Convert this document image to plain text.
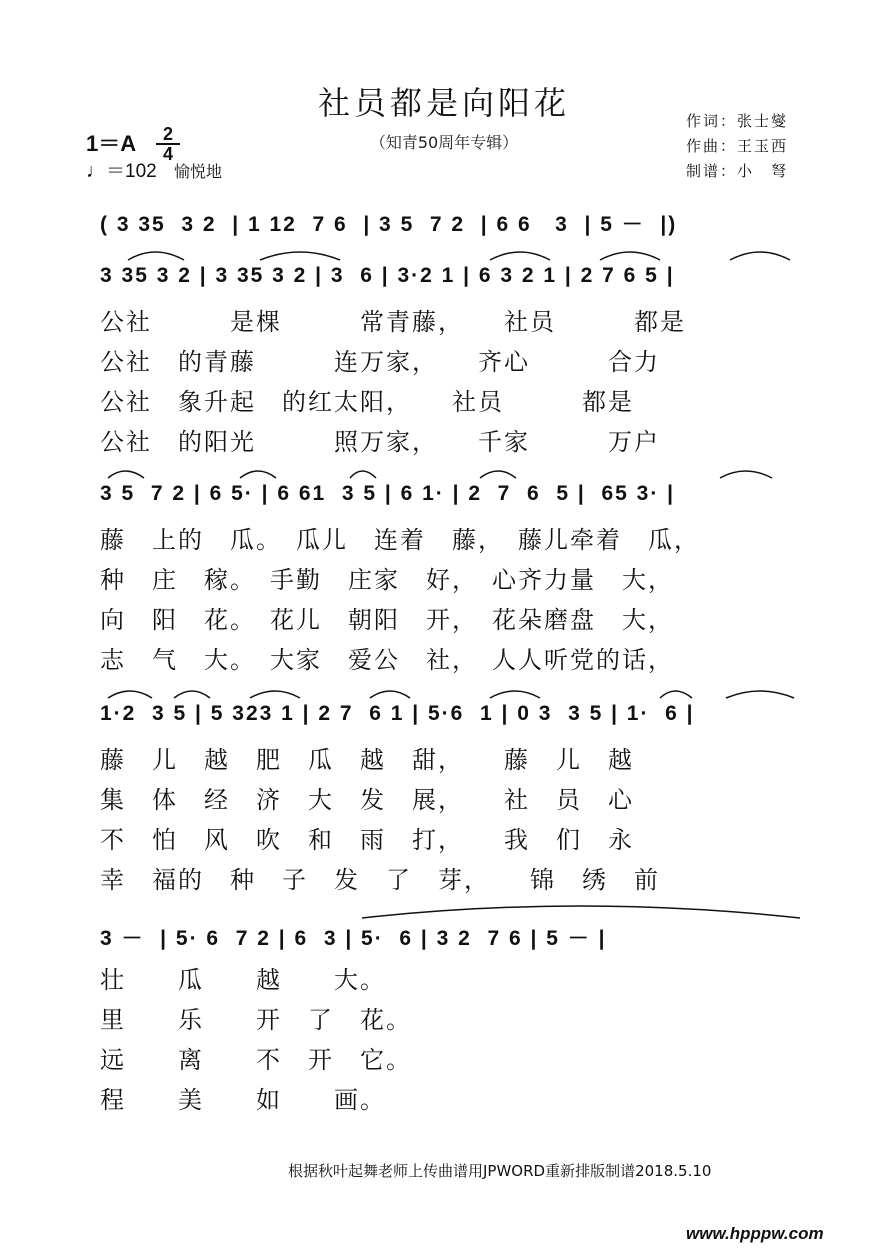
社员都是向阳花
（知青50周年专辑）
作词：张士燮
作曲：王玉西
制谱：小　弩
1＝A	2
4
♩＝102 愉悦地
( 3 35  3 2  | 1 12  7 6  | 3 5  7 2  | 6 6   3  | 5 －  |)
3 35 3 2 | 3 35 3 2 | 3  6 | 3·2 1 | 6 3 2 1 | 2 7 6 5 |
公社　　　是棵　　　常青藤，　　社员　　　都是
公社　的青藤　　　连万家，　　齐心　　　合力
公社　象升起　的红太阳，　　社员　　　都是
公社　的阳光　　　照万家，　　千家　　　万户
3 5  7 2 | 6 5· | 6 61  3 5 | 6 1· | 2  7  6  5 |  65 3· |
藤　上的　瓜。　瓜儿　连着　藤，　藤儿牵着　瓜，
种　庄　稼。　手勤　庄家　好，　心齐力量　大，
向　阳　花。　花儿　朝阳　开，　花朵磨盘　大，
志　气　大。　大家　爱公　社，　人人听党的话，
1·2  3 5 | 5 323 1 | 2 7  6 1 | 5·6  1 | 0 3  3 5 | 1·  6 |
藤　儿　越　肥　瓜　越　甜，　　藤　儿　越
集　体　经　济　大　发　展，　　社　员　心
不　怕　风　吹　和　雨　打，　　我　们　永
幸　福的　种　子　发　了　芽，　　锦　绣　前
3 －  | 5· 6  7 2 | 6  3 | 5·  6 | 3 2  7 6 | 5 － |
壮　　瓜　　越　　大。
里　　乐　　开　了　花。
远　　离　　不　开　它。
程　　美　　如　　画。
根据秋叶起舞老师上传曲谱用JPWORD重新排版制谱2018.5.10
www.hpppw.com
